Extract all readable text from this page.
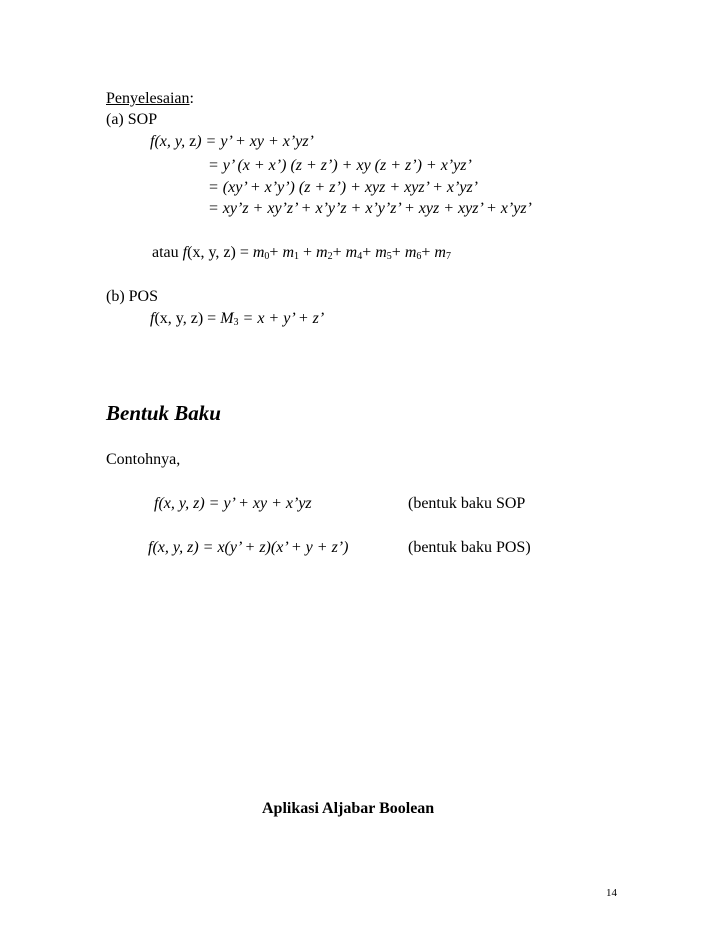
Penyelesaian:
(a) SOP
f(x, y, z) = y’ + xy + x’yz’
= y’ (x + x’) (z + z’) + xy (z + z’) + x’yz’
= (xy’ + x’y’) (z + z’) + xyz + xyz’ + x’yz’
= xy’z + xy’z’ + x’y’z + x’y’z’ + xyz + xyz’ + x’yz’
atau f(x, y, $z) = m_0+ m_1 + m_2+ m_4+ m_5+ m_6+ m_7$
(b) POS
f(x, y, $z) = M_3 = x + y$’ + z’
Bentuk Baku
Contohnya,
f(x, y, z) = y’ + xy + x’yz	(bentuk baku SOP
f(x, y, z) = x(y’ + z)(x’ + y + z’)	(bentuk baku POS)
Aplikasi Aljabar Boolean
14
